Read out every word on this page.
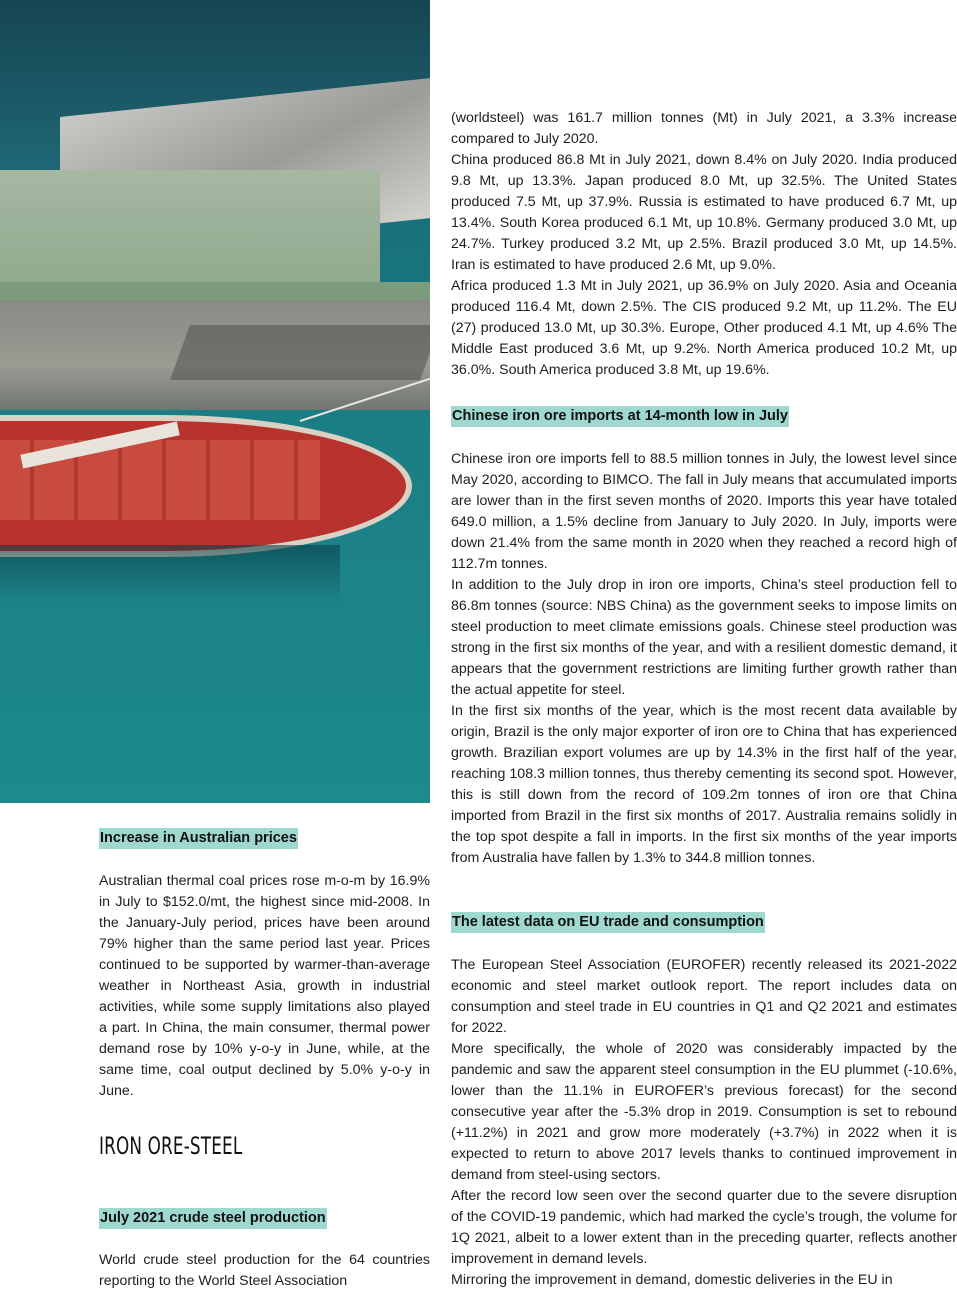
(worldsteel) was 161.7 million tonnes (Mt) in July 2021, a 3.3% increase compared to July 2020.

China produced 86.8 Mt in July 2021, down 8.4% on July 2020. India produced 9.8 Mt, up 13.3%. Japan produced 8.0 Mt, up 32.5%. The United States produced 7.5 Mt, up 37.9%. Russia is estimated to have produced 6.7 Mt, up 13.4%. South Korea produced 6.1 Mt, up 10.8%. Germany produced 3.0 Mt, up 24.7%. Turkey produced 3.2 Mt, up 2.5%. Brazil produced 3.0 Mt, up 14.5%. Iran is estimated to have produced 2.6 Mt, up 9.0%.

Africa produced 1.3 Mt in July 2021, up 36.9% on July 2020. Asia and Oceania produced 116.4 Mt, down 2.5%. The CIS produced 9.2 Mt, up 11.2%. The EU (27) produced 13.0 Mt, up 30.3%. Europe, Other produced 4.1 Mt, up 4.6% The Middle East produced 3.6 Mt, up 9.2%. North America produced 10.2 Mt, up 36.0%. South America produced 3.8 Mt, up 19.6%.

Chinese iron ore imports at 14-month low in July

Chinese iron ore imports fell to 88.5 million tonnes in July, the lowest level since May 2020, according to BIMCO. The fall in July means that accumulated imports are lower than in the first seven months of 2020. Imports this year have totaled 649.0 million, a 1.5% decline from January to July 2020. In July, imports were down 21.4% from the same month in 2020 when they reached a record high of 112.7m tonnes.

In addition to the July drop in iron ore imports, China’s steel production fell to 86.8m tonnes (source: NBS China) as the government seeks to impose limits on steel production to meet climate emissions goals. Chinese steel production was strong in the first six months of the year, and with a resilient domestic demand, it appears that the government restrictions are limiting further growth rather than the actual appetite for steel.

In the first six months of the year, which is the most recent data available by origin, Brazil is the only major exporter of iron ore to China that has experienced growth. Brazilian export volumes are up by 14.3% in the first half of the year, reaching 108.3 million tonnes, thus thereby cementing its second spot. However, this is still down from the record of 109.2m tonnes of iron ore that China imported from Brazil in the first six months of 2017. Australia remains solidly in the top spot despite a fall in imports. In the first six months of the year imports from Australia have fallen by 1.3% to 344.8 million tonnes.

The latest data on EU trade and consumption

The European Steel Association (EUROFER) recently released its 2021-2022 economic and steel market outlook report. The report includes data on consumption and steel trade in EU countries in Q1 and Q2 2021 and estimates for 2022.

More specifically, the whole of 2020 was considerably impacted by the pandemic and saw the apparent steel consumption in the EU plummet (-10.6%, lower than the 11.1% in EUROFER’s previous forecast) for the second consecutive year after the -5.3% drop in 2019. Consumption is set to rebound (+11.2%) in 2021 and grow more moderately (+3.7%) in 2022 when it is expected to return to above 2017 levels thanks to continued improvement in demand from steel-using sectors.

After the record low seen over the second quarter due to the severe disruption of the COVID-19 pandemic, which had marked the cycle’s trough, the volume for 1Q 2021, albeit to a lower extent than in the preceding quarter, reflects another improvement in demand levels.

Mirroring the improvement in demand, domestic deliveries in the EU in

Increase in Australian prices

Australian thermal coal prices rose m-o-m by 16.9% in July to $152.0/mt, the highest since mid-2008. In the January-July period, prices have been around 79% higher than the same period last year. Prices continued to be supported by warmer-than-average weather in Northeast Asia, growth in industrial activities, while some supply limitations also played a part. In China, the main consumer, thermal power demand rose by 10% y-o-y in June, while, at the same time, coal output declined by 5.0% y-o-y in June.

IRON ORE-STEEL
July 2021 crude steel production

World crude steel production for the 64 countries reporting to the World Steel Association
